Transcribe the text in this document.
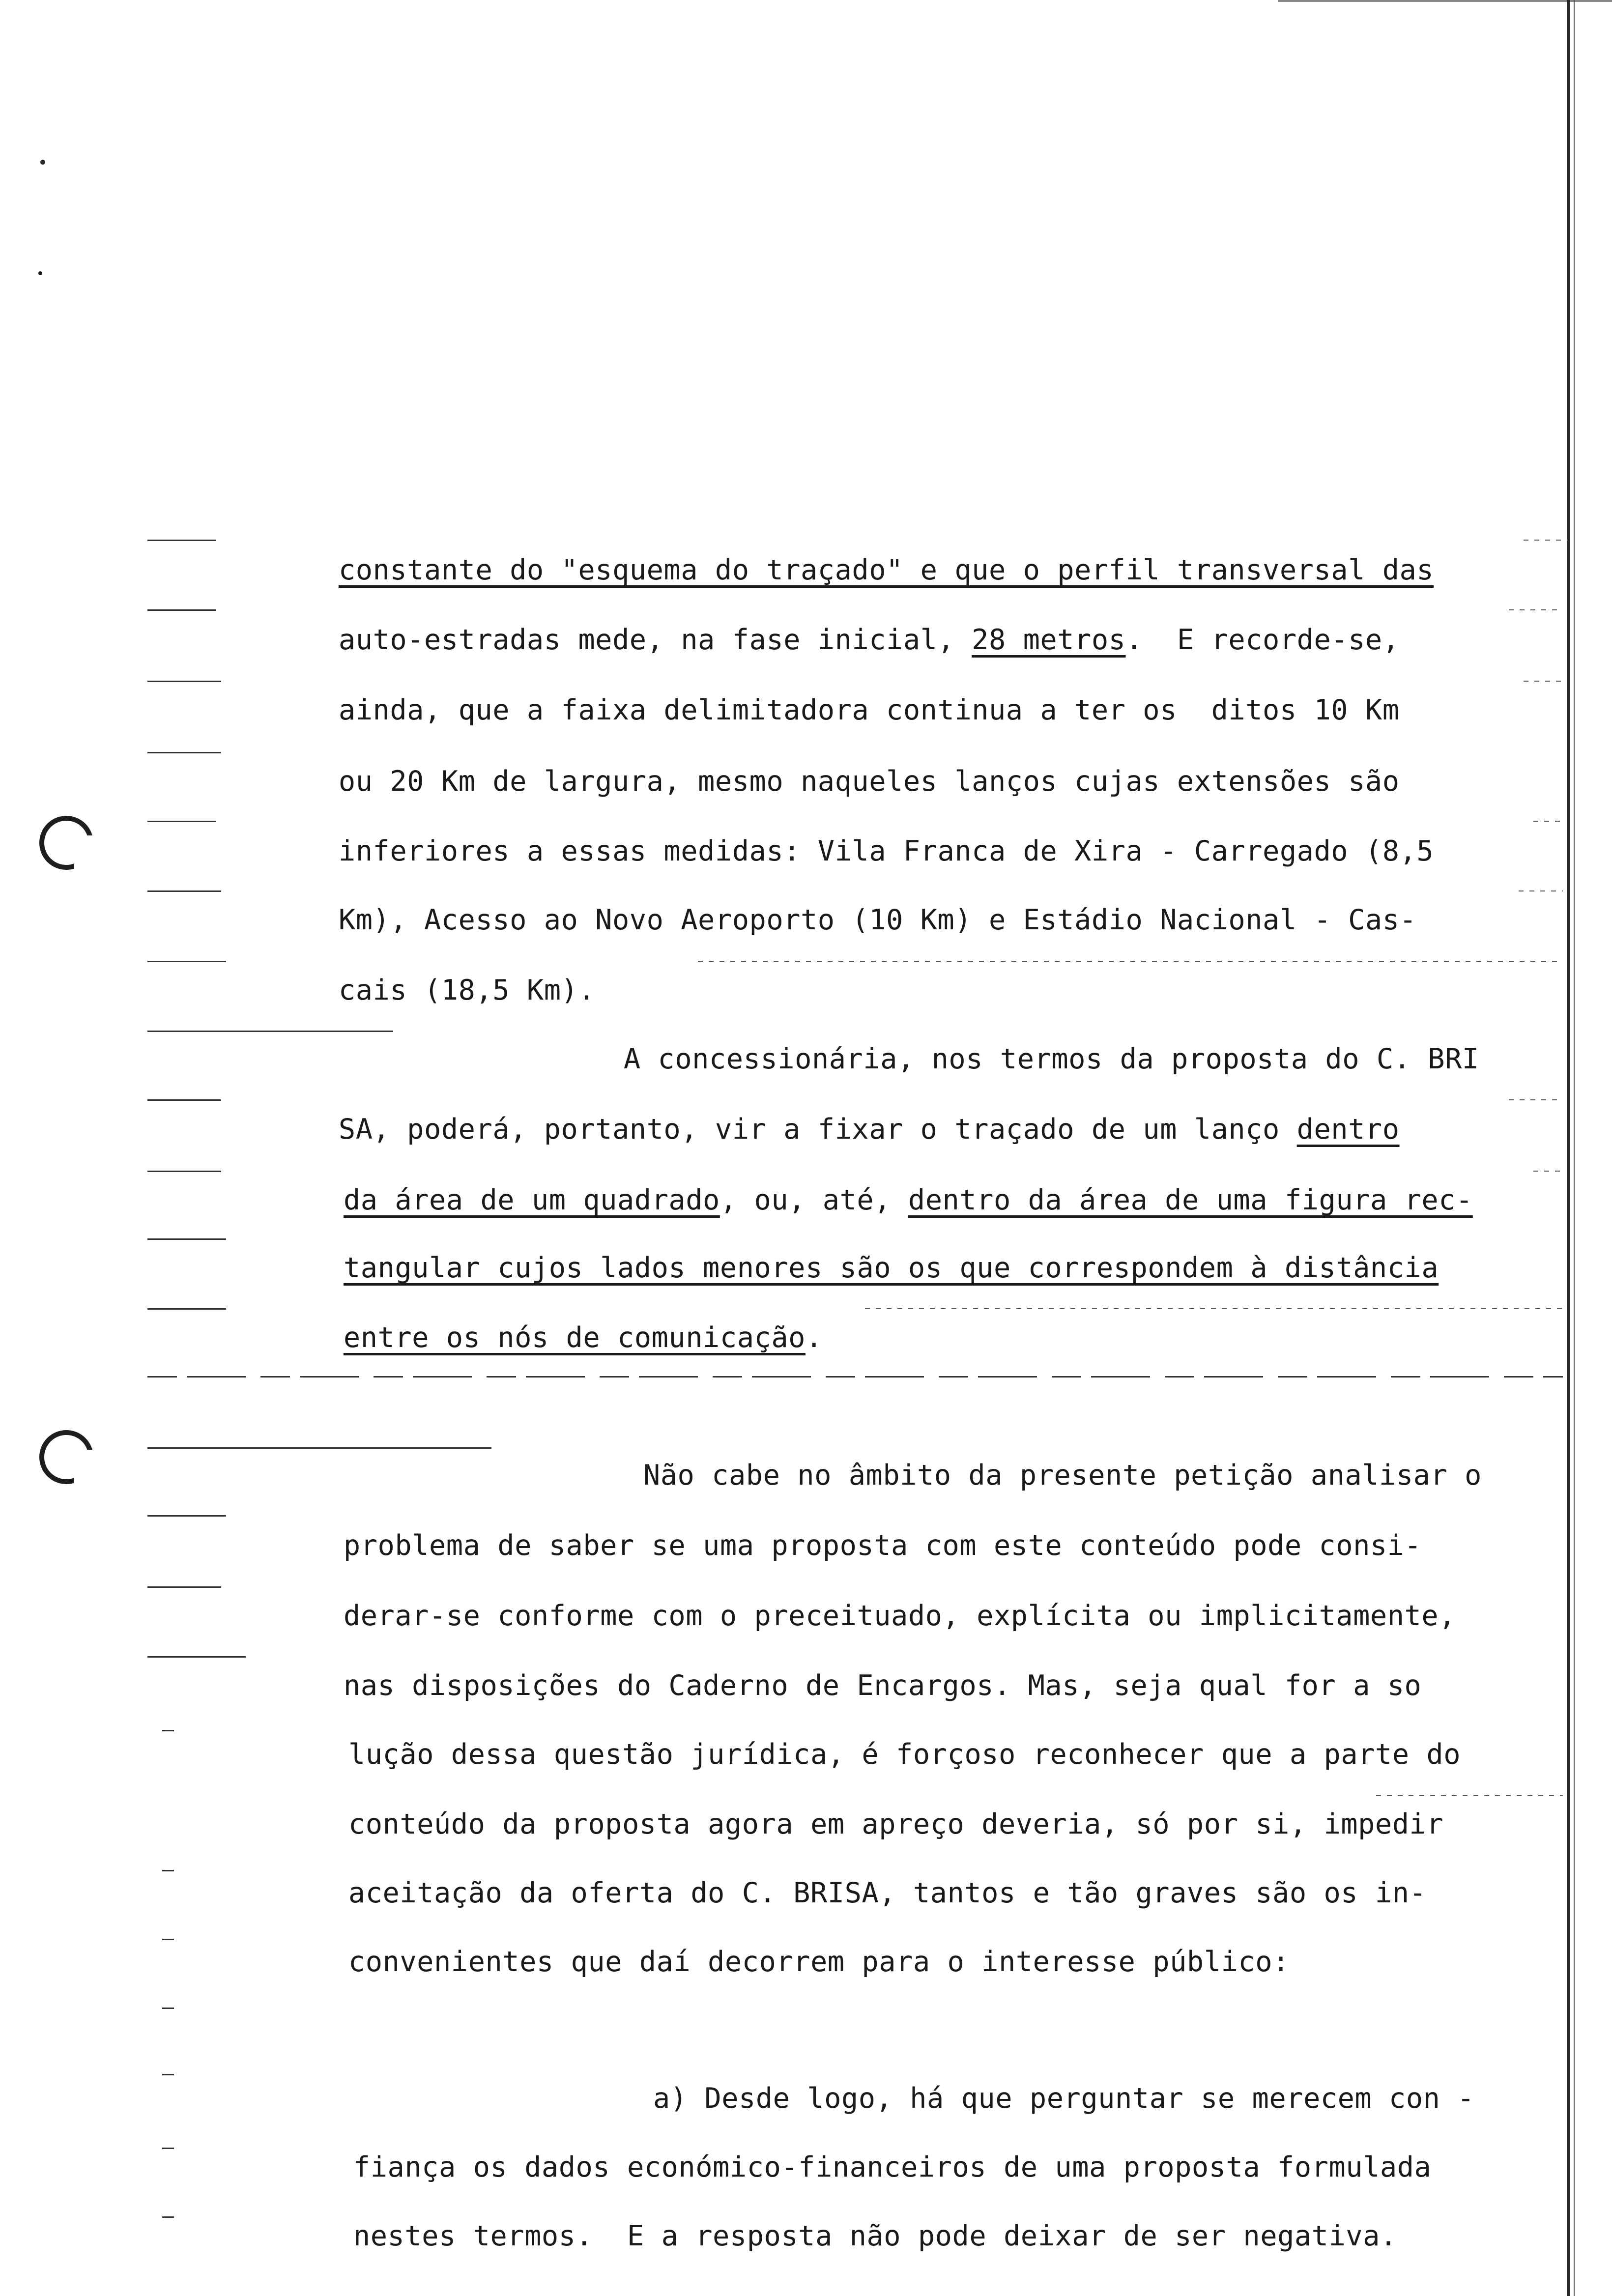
constante do "esquema do traçado" e que o perfil transversal das

auto-estradas mede, na fase inicial, 28 metros.  E recorde-se,

ainda, que a faixa delimitadora continua a ter os  ditos 10 Km

ou 20 Km de largura, mesmo naqueles lanços cujas extensões são

inferiores a essas medidas: Vila Franca de Xira - Carregado (8,5

Km), Acesso ao Novo Aeroporto (10 Km) e Estádio Nacional - Cas-

cais (18,5 Km).

A concessionária, nos termos da proposta do C. BRI

SA, poderá, portanto, vir a fixar o traçado de um lanço dentro

da área de um quadrado, ou, até, dentro da área de uma figura rec-

tangular cujos lados menores são os que correspondem à distância

entre os nós de comunicação.

Não cabe no âmbito da presente petição analisar o

problema de saber se uma proposta com este conteúdo pode consi-

derar-se conforme com o preceituado, explícita ou implicitamente,

nas disposições do Caderno de Encargos. Mas, seja qual for a so

lução dessa questão jurídica, é forçoso reconhecer que a parte do

conteúdo da proposta agora em apreço deveria, só por si, impedir

aceitação da oferta do C. BRISA, tantos e tão graves são os in-

convenientes que daí decorrem para o interesse público:

a) Desde logo, há que perguntar se merecem con -

fiança os dados económico-financeiros de uma proposta formulada

nestes termos.  E a resposta não pode deixar de ser negativa.
